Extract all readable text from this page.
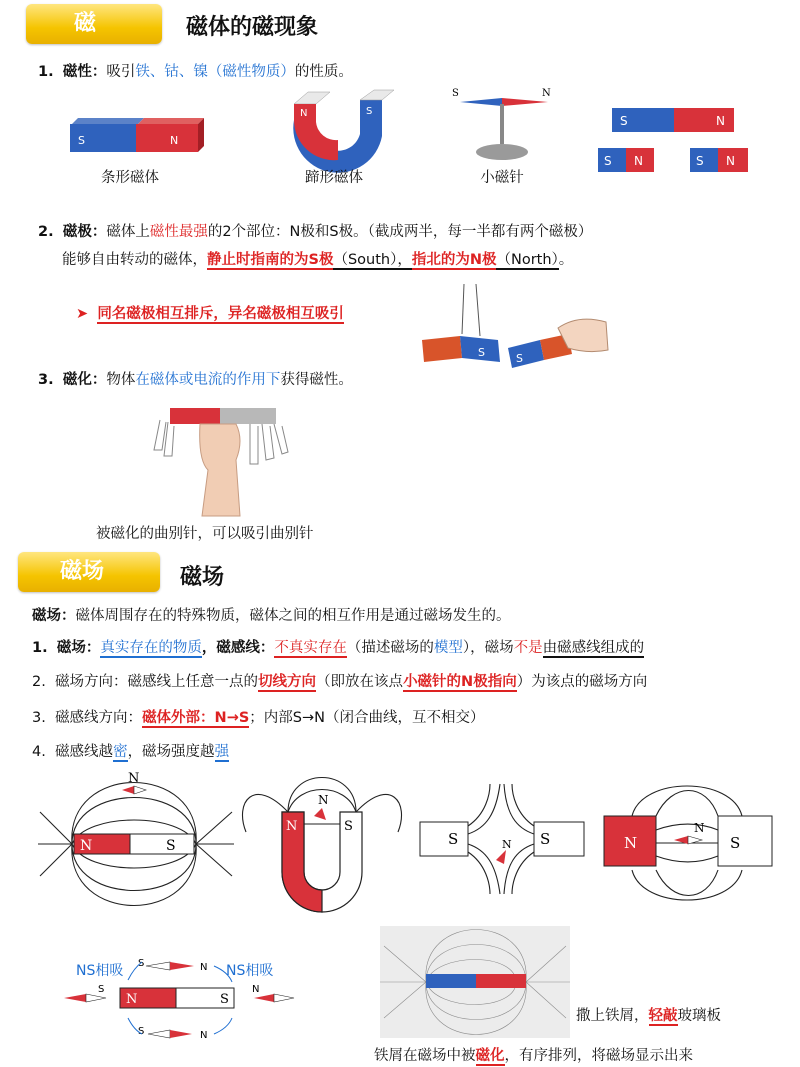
磁	磁体的磁现象
1. 磁性：吸引铁、钴、镍（磁性物质）的性质。
S	N
条形磁体
N	S
蹄形磁体
S	N
小磁针
S	N
S N	S N
2. 磁极：磁体上磁性最强的2个部位：N极和S极。（截成两半，每一半都有两个磁极）
能够自由转动的磁体，静止时指南的为S极（South），指北的为N极（North）。
➤ 同名磁极相互排斥，异名磁极相互吸引
S	S
3. 磁化：物体在磁体或电流的作用下获得磁性。
被磁化的曲别针，可以吸引曲别针
磁场	磁场
磁场：磁体周围存在的特殊物质，磁体之间的相互作用是通过磁场发生的。
1. 磁场：真实存在的物质，磁感线：不真实存在（描述磁场的模型），磁场不是由磁感线组成的
2. 磁场方向：磁感线上任意一点的切线方向（即放在该点小磁针的N极指向）为该点的磁场方向
3. 磁感线方向：磁体外部：N→S；内部S→N（闭合曲线，互不相交）
4. 磁感线越密，磁场强度越强
N	S
N
N	S
N
S	S
N	N	S
N
NS相吸	NS相吸
S	N
S
N	S
N
S	N
撒上铁屑，轻敲玻璃板
铁屑在磁场中被磁化，有序排列，将磁场显示出来
